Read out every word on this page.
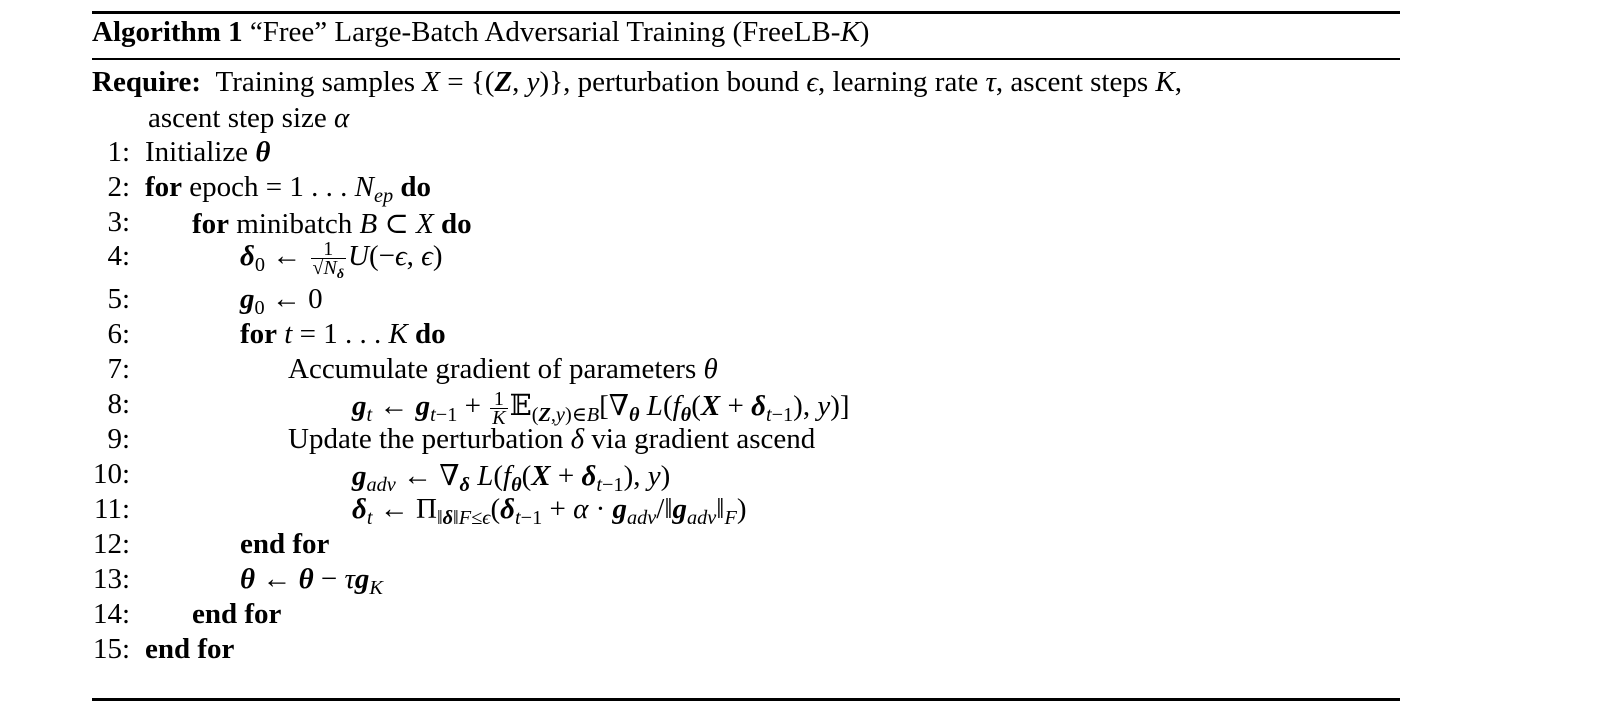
Algorithm 1 “Free” Large-Batch Adversarial Training (FreeLB-K)
Require:  Training samples X = {(Z, y)}, perturbation bound ϵ, learning rate τ, ascent steps K,
ascent step size α
1: Initialize θ
2: for epoch = 1 . . . $N_{ep}$ do
3: for minibatch B ⊂ X do
4:	$\delta_0$ ← $\frac{1}{√N_\delta} U(-\epsilon$, ϵ)
5:	$g_0$ ← 0
6:	for t = 1 . . . K do
7:	Accumulate gradient of parameters θ
8:	$g_t$ ← $g_{t-1} + \frac{1}{K}$ $𝔼_{(Z,y)\in B}[\nabla_\theta$ $L(f_\theta(X + \delta_{t-1})$, y)]
9:	Update the perturbation δ via gradient ascend
10:	$g_{adv}$ ← $\nabla_\delta$ $L(f_\theta(X + \delta_{t-1})$, y)
11:	$\delta_t$ ← $\Pi_{‖\delta‖F\le\epsilon}(\delta_{t-1} + \alpha$ · $g_{adv}/‖g_{adv}‖_F$)
12:	end for
13:	θ ← $\theta - \tau g_K$
14: end for
15: end for
